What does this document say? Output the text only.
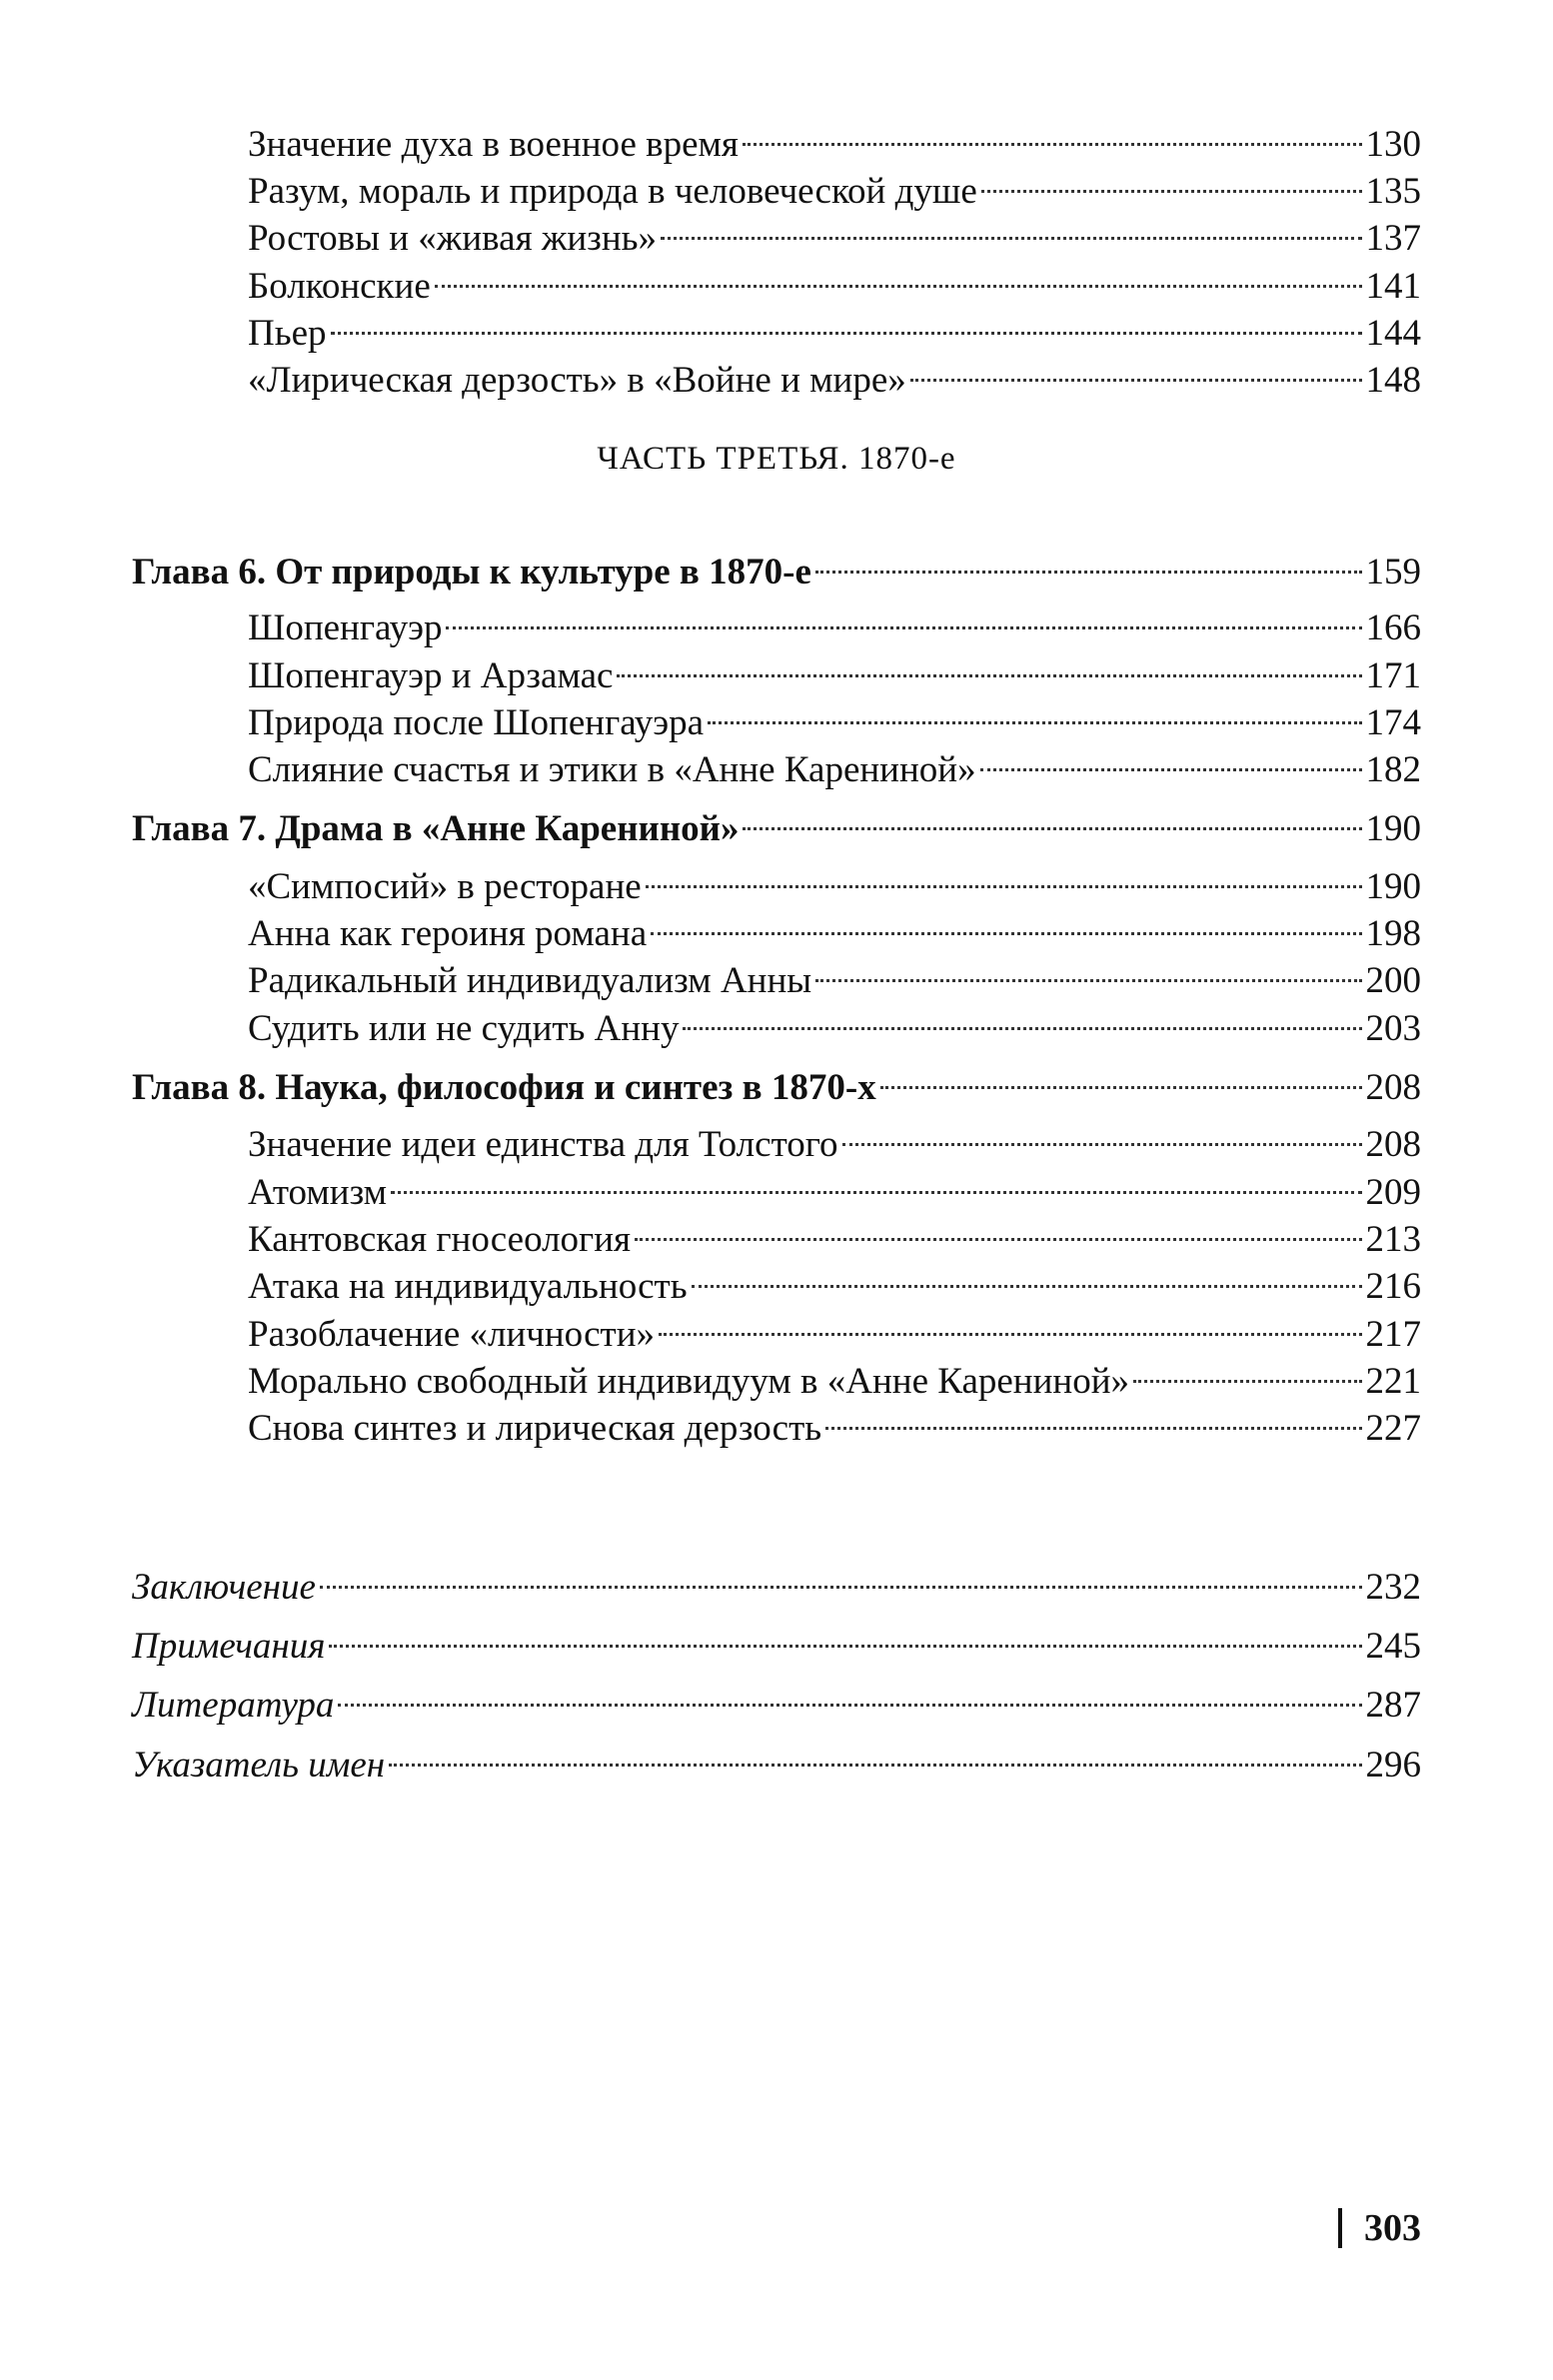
Значение духа в военное время	130
Разум, мораль и природа в человеческой душе	135
Ростовы и «живая жизнь»	137
Болконские	141
Пьер	144
«Лирическая дерзость» в «Войне и мире»	148
ЧАСТЬ ТРЕТЬЯ. 1870-е
Глава 6. От природы к культуре в 1870-е	159
Шопенгауэр	166
Шопенгауэр и Арзамас	171
Природа после Шопенгауэра	174
Слияние счастья и этики в «Анне Карениной»	182
Глава 7. Драма в «Анне Карениной»	190
«Симпосий» в ресторане	190
Анна как героиня романа	198
Радикальный индивидуализм Анны	200
Судить или не судить Анну	203
Глава 8. Наука, философия и синтез в 1870-х	208
Значение идеи единства для Толстого	208
Атомизм	209
Кантовская гносеология	213
Атака на индивидуальность	216
Разоблачение «личности»	217
Морально свободный индивидуум в «Анне Карениной»	221
Снова синтез и лирическая дерзость	227
Заключение	232
Примечания	245
Литература	287
Указатель имен	296
303
